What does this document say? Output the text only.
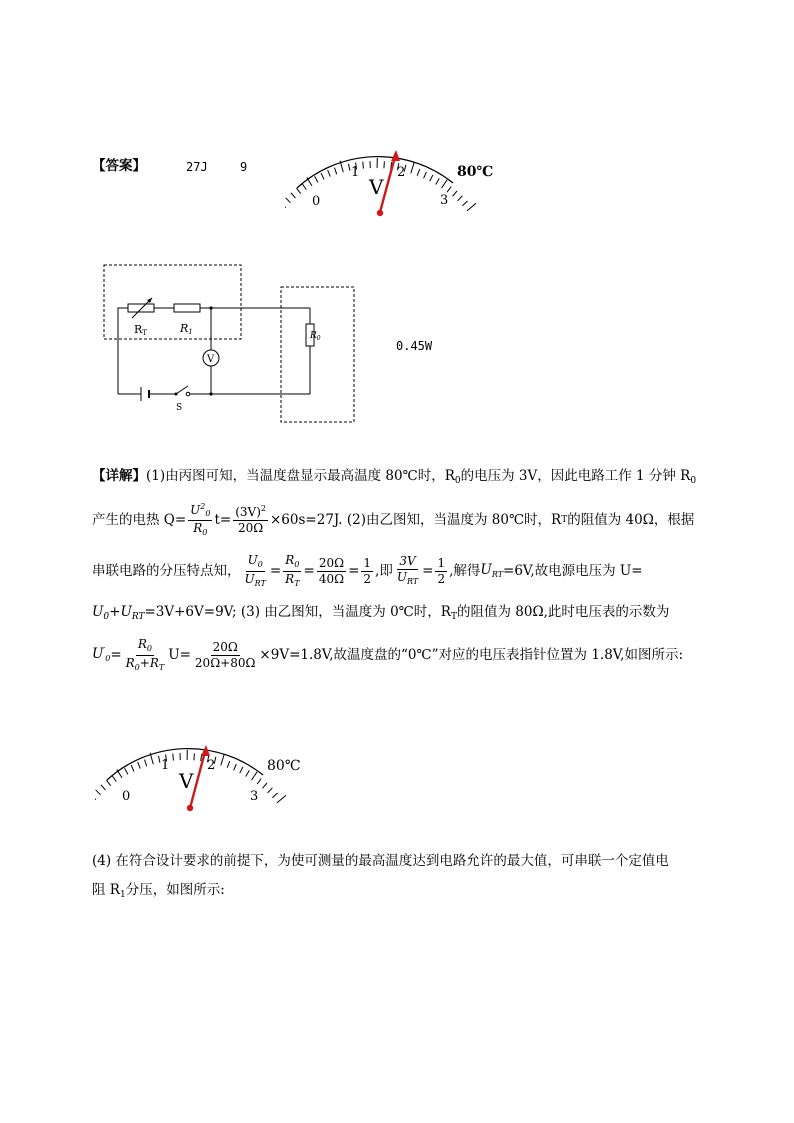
【答案】	27J	9
0
1	2
3
80℃
V
V
RT	R1	$R_0$
S
0.45W
【详解】(1)由丙图可知，当温度盘显示最高温度 80℃时，$R_0$的电压为 3V，因此电路工作 1 分钟 $R_0$
产生的电热 $Q= \frac{U^2_0}{R_0} t= \frac{(3V)^2}{20\Omega} \times 60s=27J$. (2)由乙图知，当温度为 80℃时，R T 的阻值为 40Ω，根据
串联电路的分压特点知， $\frac{U_0}{U_{RT}} = \frac{R_0}{R_T} = \frac{20\Omega}{40\Omega} = \frac{1}{2}$ ,即 $\frac{3V}{U_{RT}} = \frac{1}{2}$ ,解得 $U_{RT} =6V$,故电源电压为 U=
$U_0+U_{RT}=3V+6V=9V$; (3) 由乙图知，当温度为 0℃时，$R_T$的阻值为 80Ω,此时电压表的示数为
$U'_0 = \frac{R_0}{R_0+R_T} U= \frac{20\Omega}{20\Omega+80\Omega} \times 9V=1.8V$,故温度盘的“0℃”对应的电压表指针位置为 1.8V,如图所示:
0
1	2
3
80℃
V
(4) 在符合设计要求的前提下，为使可测量的最高温度达到电路允许的最大值，可串联一个定值电
阻 $R_1$分压，如图所示:
